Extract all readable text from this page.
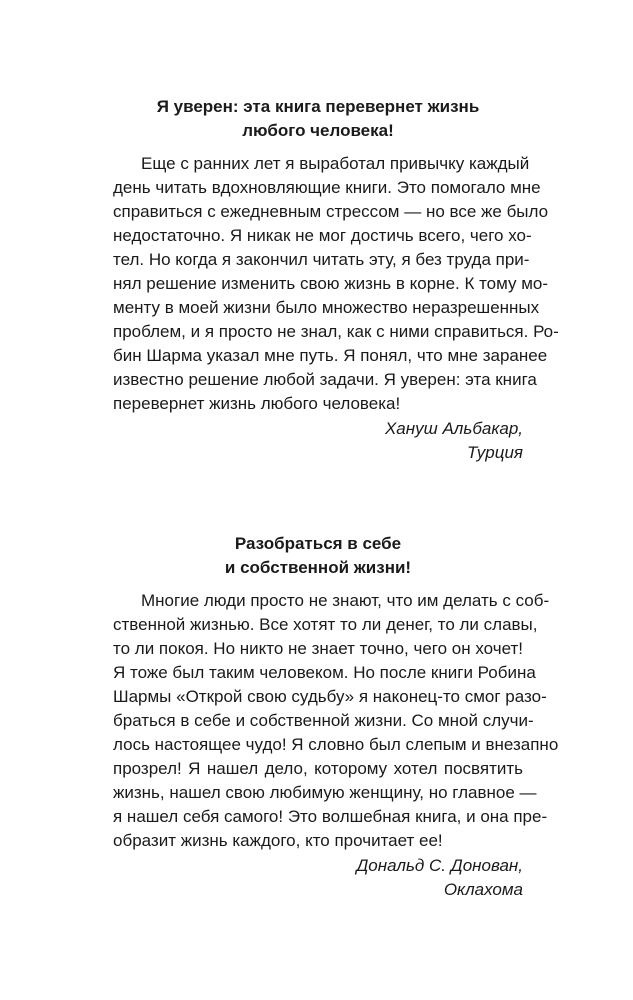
Я уверен: эта книга перевернет жизнь
любого человека!
Еще с ранних лет я выработал привычку каждый
день читать вдохновляющие книги. Это помогало мне
справиться с ежедневным стрессом — но все же было
недостаточно. Я никак не мог достичь всего, чего хо-
тел. Но когда я закончил читать эту, я без труда при-
нял решение изменить свою жизнь в корне. К тому мо-
менту в моей жизни было множество неразрешенных
проблем, и я просто не знал, как с ними справиться. Ро-
бин Шарма указал мне путь. Я понял, что мне заранее
известно решение любой задачи. Я уверен: эта книга
перевернет жизнь любого человека!
Хануш Альбакар,
Турция
Разобраться в себе
и собственной жизни!
Многие люди просто не знают, что им делать с соб-
ственной жизнью. Все хотят то ли денег, то ли славы,
то ли покоя. Но никто не знает точно, чего он хочет!
Я тоже был таким человеком. Но после книги Робина
Шармы «Открой свою судьбу» я наконец-то смог разо-
браться в себе и собственной жизни. Со мной случи-
лось настоящее чудо! Я словно был слепым и внезапно
прозрел! Я нашел дело, которому хотел посвятить
жизнь, нашел свою любимую женщину, но главное —
я нашел себя самого! Это волшебная книга, и она пре-
образит жизнь каждого, кто прочитает ее!
Дональд С. Донован,
Оклахома
